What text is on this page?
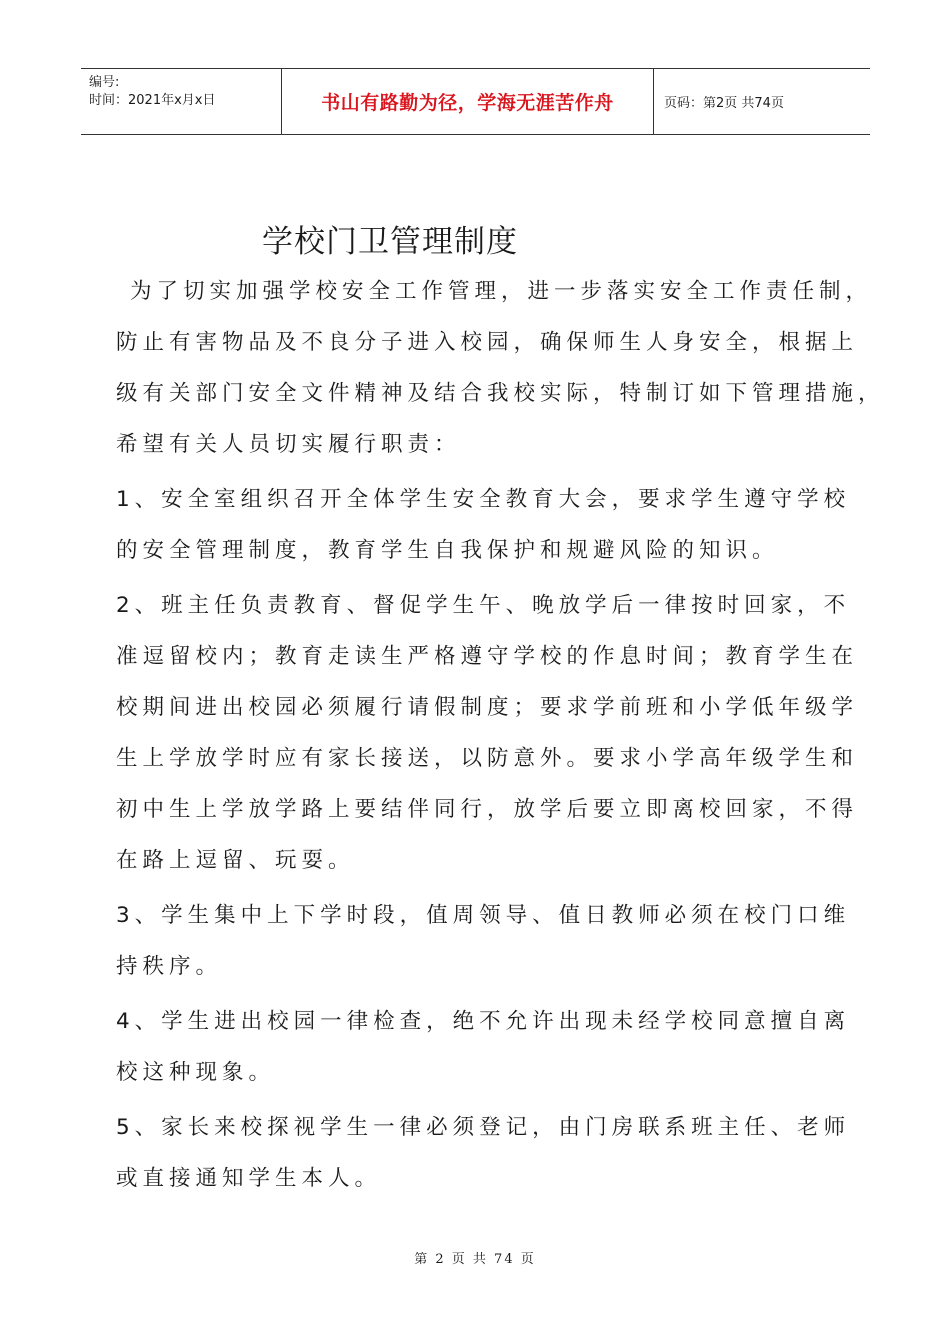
编号:
时间：2021年x月x日	书山有路勤为径，学海无涯苦作舟	页码：第2页 共74页
学校门卫管理制度
为了切实加强学校安全工作管理，进一步落实安全工作责任制，
防止有害物品及不良分子进入校园，确保师生人身安全，根据上
级有关部门安全文件精神及结合我校实际，特制订如下管理措施，
希望有关人员切实履行职责：
1、安全室组织召开全体学生安全教育大会，要求学生遵守学校
的安全管理制度，教育学生自我保护和规避风险的知识。
2、班主任负责教育、督促学生午、晚放学后一律按时回家，不
准逗留校内；教育走读生严格遵守学校的作息时间；教育学生在
校期间进出校园必须履行请假制度；要求学前班和小学低年级学
生上学放学时应有家长接送，以防意外。要求小学高年级学生和
初中生上学放学路上要结伴同行，放学后要立即离校回家，不得
在路上逗留、玩耍。
3、学生集中上下学时段，值周领导、值日教师必须在校门口维
持秩序。
4、学生进出校园一律检查，绝不允许出现未经学校同意擅自离
校这种现象。
5、家长来校探视学生一律必须登记，由门房联系班主任、老师
或直接通知学生本人。
第 2 页 共 74 页
